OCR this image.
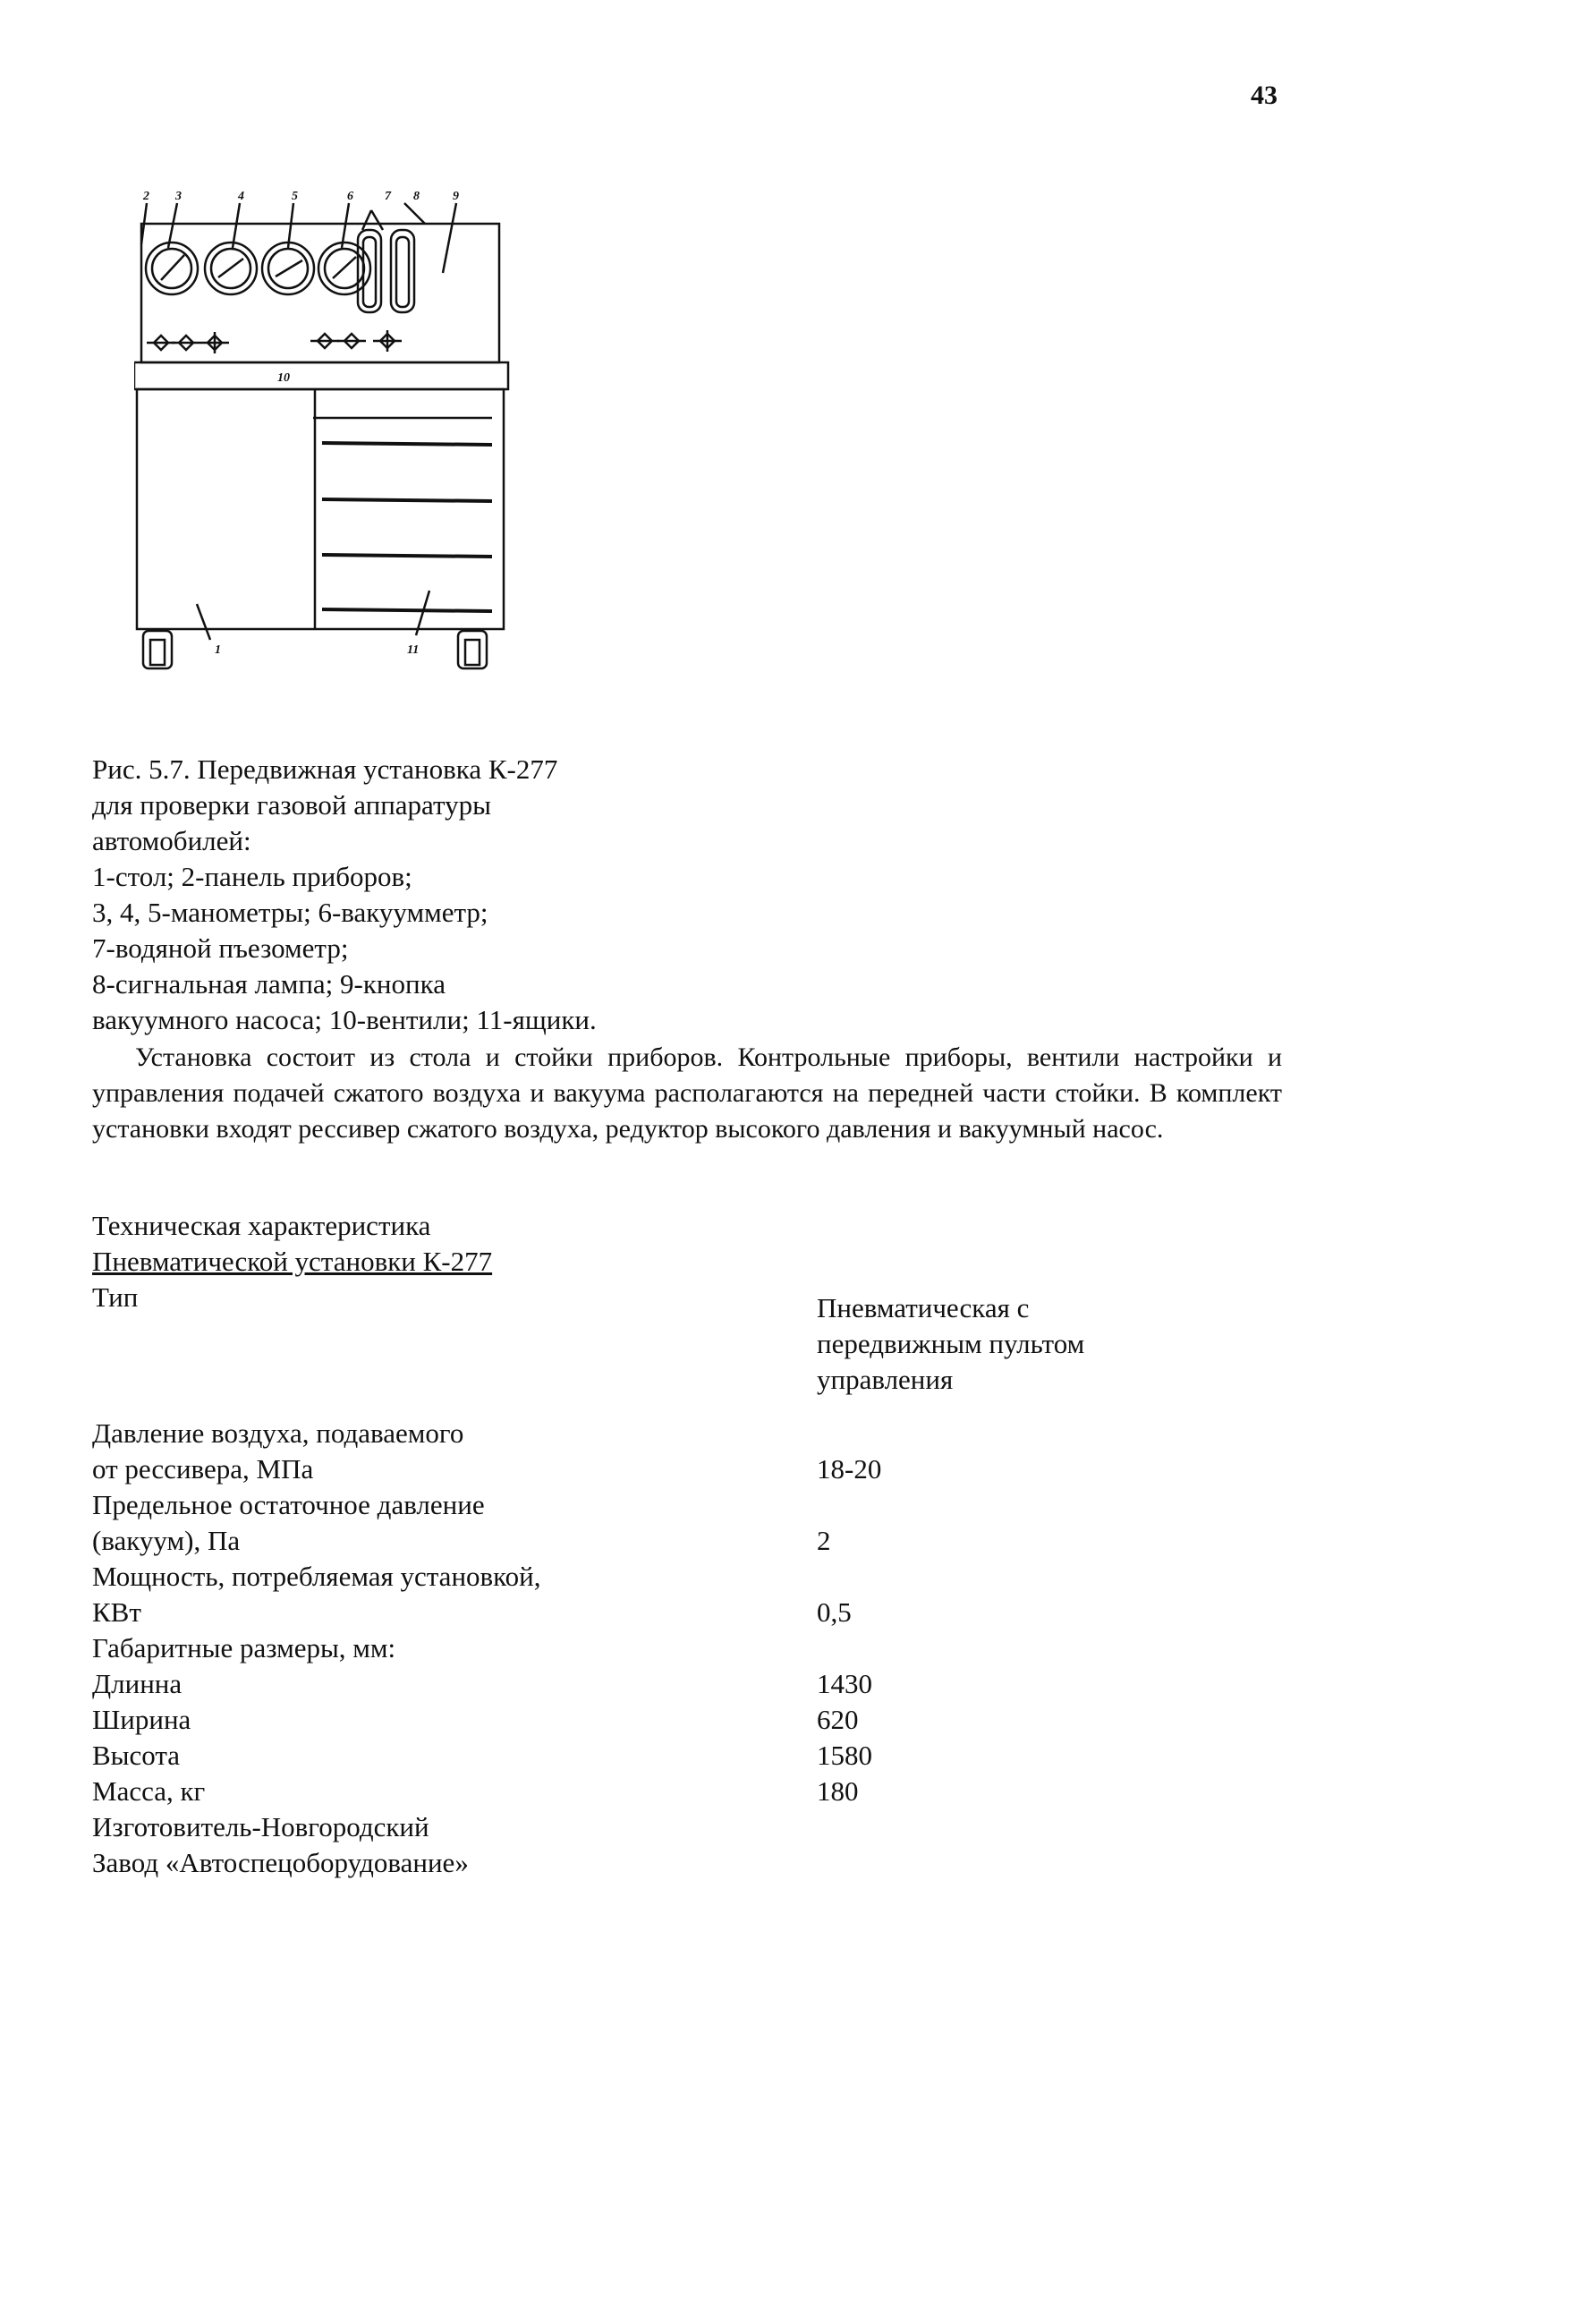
43
2 3	4	5	6	7 8	9
10
1	11
Рис. 5.7. Передвижная установка К-277
для проверки газовой аппаратуры
автомобилей:
1-стол; 2-панель приборов;
3, 4, 5-манометры; 6-вакуумметр;
7-водяной пъезометр;
8-сигнальная лампа; 9-кнопка
вакуумного насоса; 10-вентили; 11-ящики.
Установка состоит из стола и стойки приборов. Контрольные приборы, вентили настройки и управления подачей сжатого воздуха и вакуума располагаются на передней части стойки. В комплект установки входят рессивер сжатого воздуха, редуктор высокого давления и вакуумный насос.
Техническая характеристика
Пневматической установки К-277
Тип	Пневматическая с
передвижным пультом
управления
Давление воздуха, подаваемого
от рессивера, МПа	18-20
Предельное остаточное давление
(вакуум), Па	2
Мощность, потребляемая установкой,
КВт	0,5
Габаритные размеры, мм:
Длинна	1430
Ширина	620
Высота	1580
Масса, кг	180
Изготовитель-Новгородский
Завод «Автоспецоборудование»
